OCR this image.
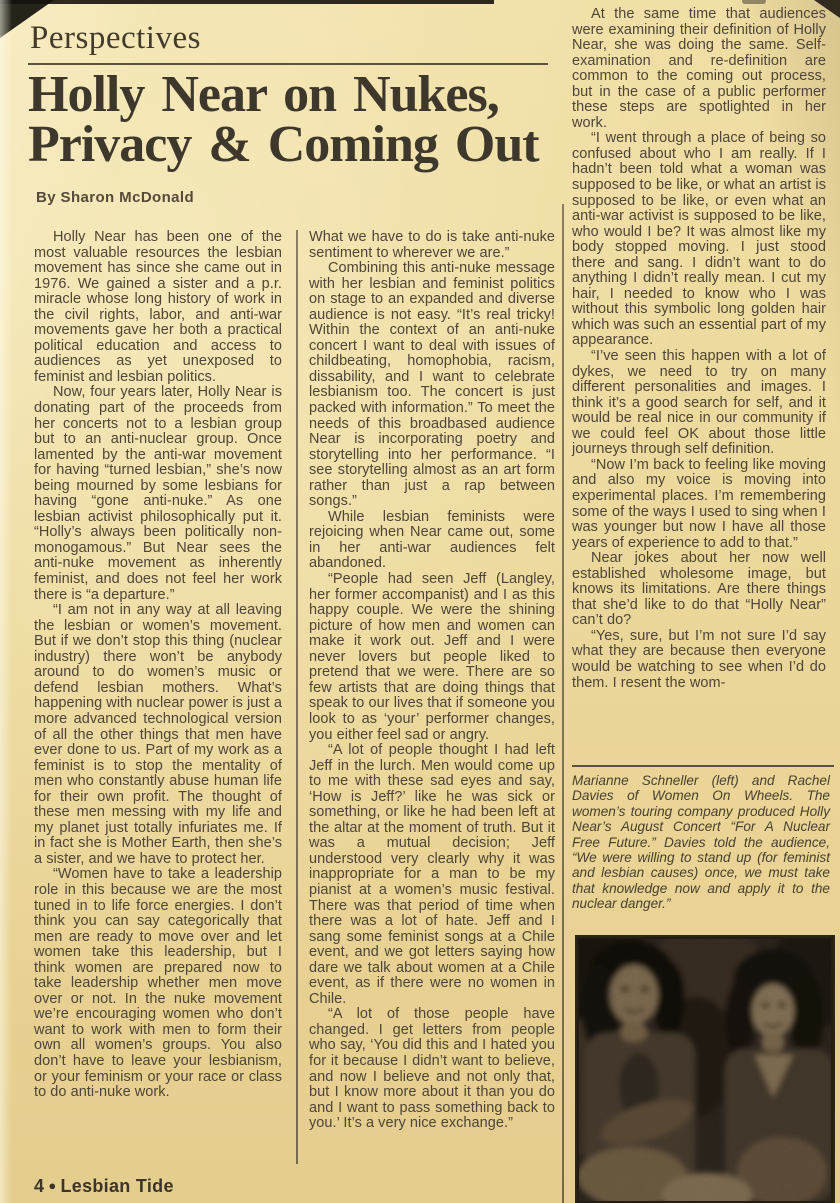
Perspectives
Holly Near on Nukes,
Privacy & Coming Out
By Sharon McDonald

Holly Near has been one of the most valuable resources the lesbian movement has since she came out in 1976. We gained a sister and a p.r. miracle whose long history of work in the civil rights, labor, and anti-war movements gave her both a practical political education and access to audiences as yet unexposed to feminist and lesbian politics.

Now, four years later, Holly Near is donating part of the proceeds from her concerts not to a lesbian group but to an anti-nuclear group. Once lamented by the anti-war movement for having “turned lesbian,” she’s now being mourned by some lesbians for having “gone anti-nuke.” As one lesbian activist philosophically put it. “Holly’s always been politically non-monogamous.” But Near sees the anti-nuke movement as inherently feminist, and does not feel her work there is “a departure.”

“I am not in any way at all leaving the lesbian or women’s movement. But if we don’t stop this thing (nuclear industry) there won’t be anybody around to do women’s music or defend lesbian mothers. What’s happening with nuclear power is just a more advanced technological version of all the other things that men have ever done to us. Part of my work as a feminist is to stop the mentality of men who constantly abuse human life for their own profit. The thought of these men messing with my life and my planet just totally infuriates me. If in fact she is Mother Earth, then she’s a sister, and we have to protect her.

“Women have to take a leadership role in this because we are the most tuned in to life force energies. I don’t think you can say categorically that men are ready to move over and let women take this leadership, but I think women are prepared now to take leadership whether men move over or not. In the nuke movement we’re encouraging women who don’t want to work with men to form their own all women’s groups. You also don’t have to leave your lesbianism, or your feminism or your race or class to do anti-nuke work.

What we have to do is take anti-nuke sentiment to wherever we are.”

Combining this anti-nuke message with her lesbian and feminist politics on stage to an expanded and diverse audience is not easy. “It’s real tricky! Within the context of an anti-nuke concert I want to deal with issues of childbeating, homophobia, racism, dissability, and I want to celebrate lesbianism too. The concert is just packed with information.” To meet the needs of this broadbased audience Near is incorporating poetry and storytelling into her performance. “I see storytelling almost as an art form rather than just a rap between songs.”

While lesbian feminists were rejoicing when Near came out, some in her anti-war audiences felt abandoned.

“People had seen Jeff (Langley, her former accompanist) and I as this happy couple. We were the shining picture of how men and women can make it work out. Jeff and I were never lovers but people liked to pretend that we were. There are so few artists that are doing things that speak to our lives that if someone you look to as ‘your’ performer changes, you either feel sad or angry.

“A lot of people thought I had left Jeff in the lurch. Men would come up to me with these sad eyes and say, ‘How is Jeff?’ like he was sick or something, or like he had been left at the altar at the moment of truth. But it was a mutual decision; Jeff understood very clearly why it was inappropriate for a man to be my pianist at a women’s music festival. There was that period of time when there was a lot of hate. Jeff and I sang some feminist songs at a Chile event, and we got letters saying how dare we talk about women at a Chile event, as if there were no women in Chile.

“A lot of those people have changed. I get letters from people who say, ‘You did this and I hated you for it because I didn’t want to believe, and now I believe and not only that, but I know more about it than you do and I want to pass something back to you.’ It’s a very nice exchange.”

At the same time that audiences were examining their definition of Holly Near, she was doing the same. Self-examination and re-definition are common to the coming out process, but in the case of a public performer these steps are spotlighted in her work.

“I went through a place of being so confused about who I am really. If I hadn’t been told what a woman was supposed to be like, or what an artist is supposed to be like, or even what an anti-war activist is supposed to be like, who would I be? It was almost like my body stopped moving. I just stood there and sang. I didn’t want to do anything I didn’t really mean. I cut my hair, I needed to know who I was without this symbolic long golden hair which was such an essential part of my appearance.

“I’ve seen this happen with a lot of dykes, we need to try on many different personalities and images. I think it’s a good search for self, and it would be real nice in our community if we could feel OK about those little journeys through self definition.

“Now I’m back to feeling like moving and also my voice is moving into experimental places. I’m remembering some of the ways I used to sing when I was younger but now I have all those years of experience to add to that.”

Near jokes about her now well established wholesome image, but knows its limitations. Are there things that she’d like to do that “Holly Near” can’t do?

“Yes, sure, but I’m not sure I’d say what they are because then everyone would be watching to see when I’d do them. I resent the wom-

Marianne Schneller (left) and Rachel Davies of Women On Wheels. The women’s touring company produced Holly Near’s August Concert “For A Nuclear Free Future.” Davies told the audience, “We were willing to stand up (for feminist and lesbian causes) once, we must take that knowledge now and apply it to the nuclear danger.”
4 ● Lesbian Tide
